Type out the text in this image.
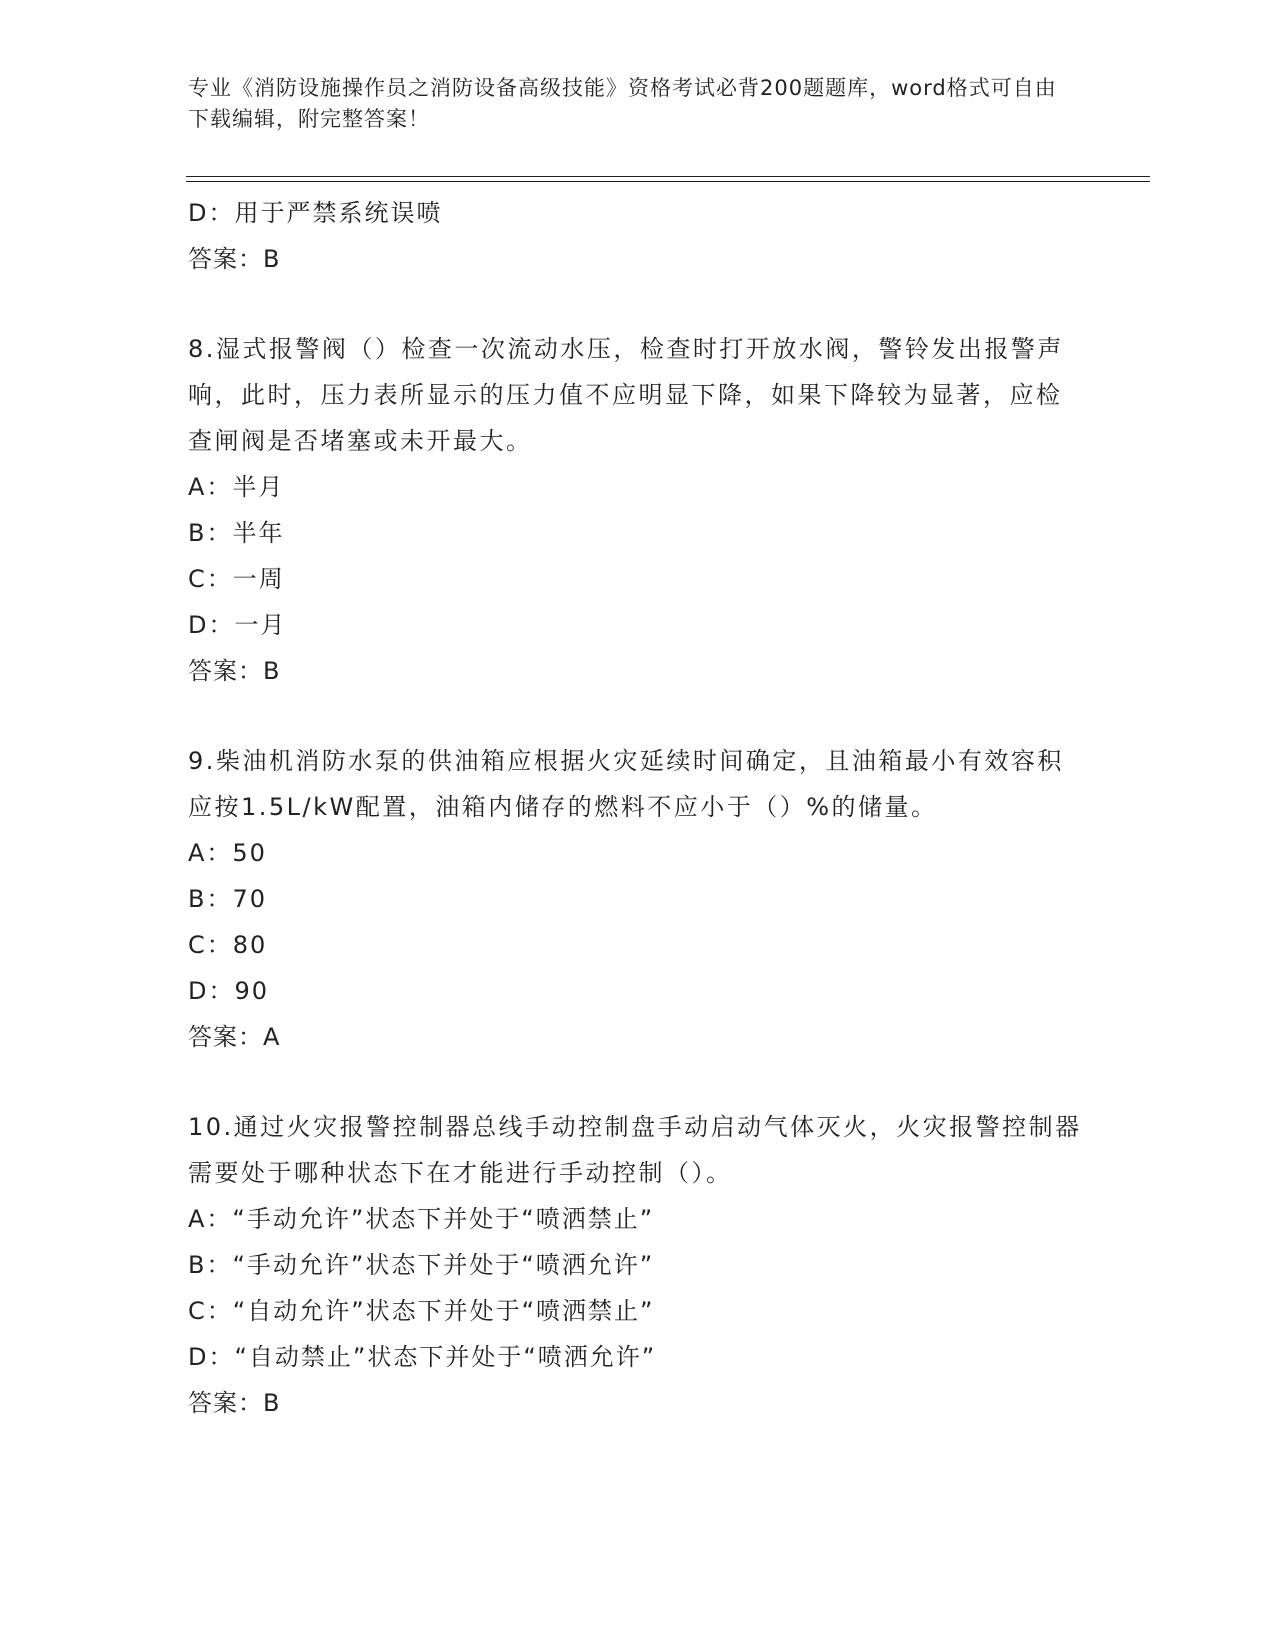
专业《消防设施操作员之消防设备高级技能》资格考试必背200题题库，word格式可自由下载编辑，附完整答案！
D：用于严禁系统误喷
答案：B
8.湿式报警阀（）检查一次流动水压，检查时打开放水阀，警铃发出报警声响，此时，压力表所显示的压力值不应明显下降，如果下降较为显著，应检查闸阀是否堵塞或未开最大。
A：半月
B：半年
C：一周
D：一月
答案：B
9.柴油机消防水泵的供油箱应根据火灾延续时间确定，且油箱最小有效容积应按1.5L/kW配置，油箱内储存的燃料不应小于（）%的储量。
A：50
B：70
C：80
D：90
答案：A
10.通过火灾报警控制器总线手动控制盘手动启动气体灭火，火灾报警控制器需要处于哪种状态下在才能进行手动控制（）。
A：“手动允许”状态下并处于“喷洒禁止”
B：“手动允许”状态下并处于“喷洒允许”
C：“自动允许”状态下并处于“喷洒禁止”
D：“自动禁止”状态下并处于“喷洒允许”
答案：B
